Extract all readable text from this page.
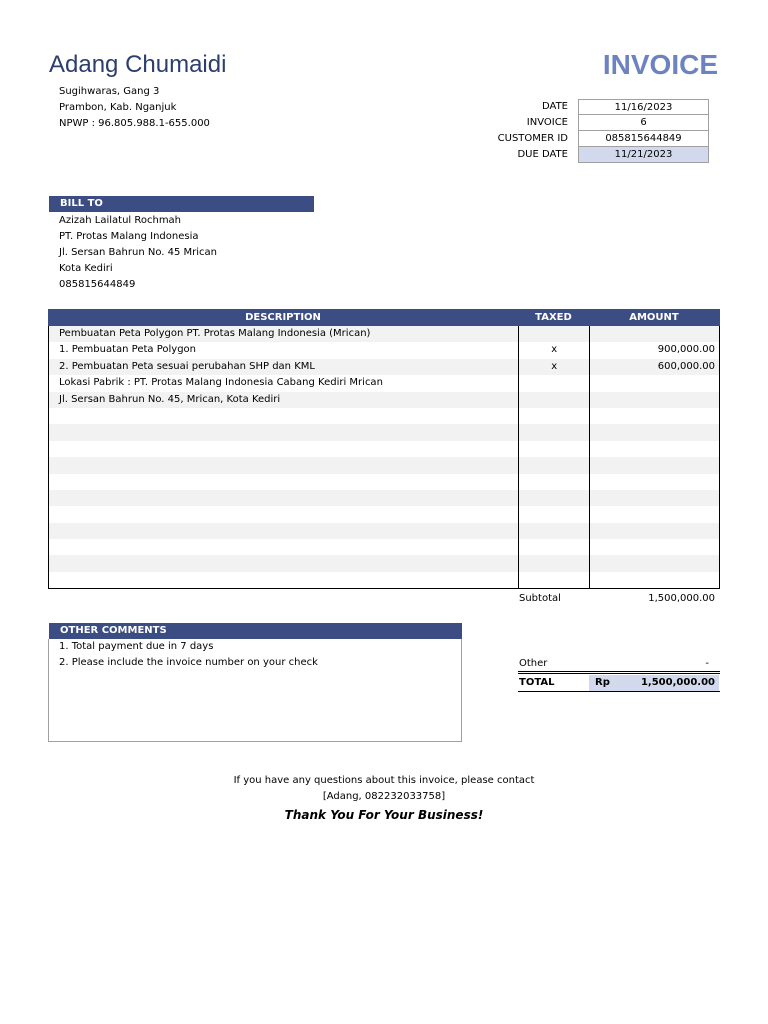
Adang Chumaidi	INVOICE
Sugihwaras, Gang 3
Prambon, Kab. Nganjuk
NPWP : 96.805.988.1-655.000
DATE	11/16/2023
INVOICE	6
CUSTOMER ID	085815644849
DUE DATE	11/21/2023
BILL TO
Azizah Lailatul Rochmah
PT. Protas Malang Indonesia
Jl. Sersan Bahrun No. 45 Mrican
Kota Kediri
085815644849
DESCRIPTION	TAXED	AMOUNT
Pembuatan Peta Polygon PT. Protas Malang Indonesia (Mrican)
1. Pembuatan Peta Polygon	x	900,000.00
2. Pembuatan Peta sesuai perubahan SHP dan KML	x	600,000.00
Lokasi Pabrik : PT. Protas Malang Indonesia Cabang Kediri Mrican
Jl. Sersan Bahrun No. 45, Mrican, Kota Kediri
Subtotal	1,500,000.00
OTHER COMMENTS
1. Total payment due in 7 days
2. Please include the invoice number on your check	Other	-
TOTAL	Rp	1,500,000.00
If you have any questions about this invoice, please contact
[Adang, 082232033758]
Thank You For Your Business!
